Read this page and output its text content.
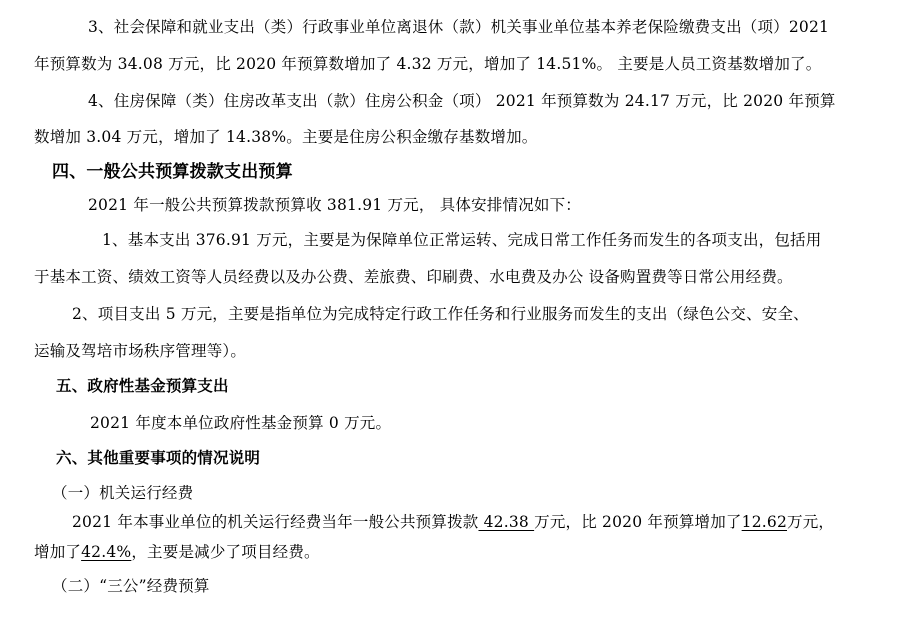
3、社会保障和就业支出（类）行政事业单位离退休（款）机关事业单位基本养老保险缴费支出（项）2021
年预算数为 34.08 万元，比 2020 年预算数增加了 4.32 万元，增加了 14.51%。 主要是人员工资基数增加了。
4、住房保障（类）住房改革支出（款）住房公积金（项） 2021 年预算数为 24.17 万元，比 2020 年预算
数增加 3.04 万元，增加了 14.38%。主要是住房公积金缴存基数增加。
四、一般公共预算拨款支出预算
2021 年一般公共预算拨款预算收 381.91 万元， 具体安排情况如下：
1、基本支出 376.91 万元，主要是为保障单位正常运转、完成日常工作任务而发生的各项支出，包括用
于基本工资、绩效工资等人员经费以及办公费、差旅费、印刷费、水电费及办公 设备购置费等日常公用经费。
2、项目支出 5 万元，主要是指单位为完成特定行政工作任务和行业服务而发生的支出（绿色公交、安全、
运输及驾培市场秩序管理等）。
五、政府性基金预算支出
2021 年度本单位政府性基金预算 0 万元。
六、其他重要事项的情况说明
（一）机关运行经费
2021 年本事业单位的机关运行经费当年一般公共预算拨款 42.38 万元，比 2020 年预算增加了12.62万元，
增加了42.4%，主要是减少了项目经费。
（二）“三公”经费预算
